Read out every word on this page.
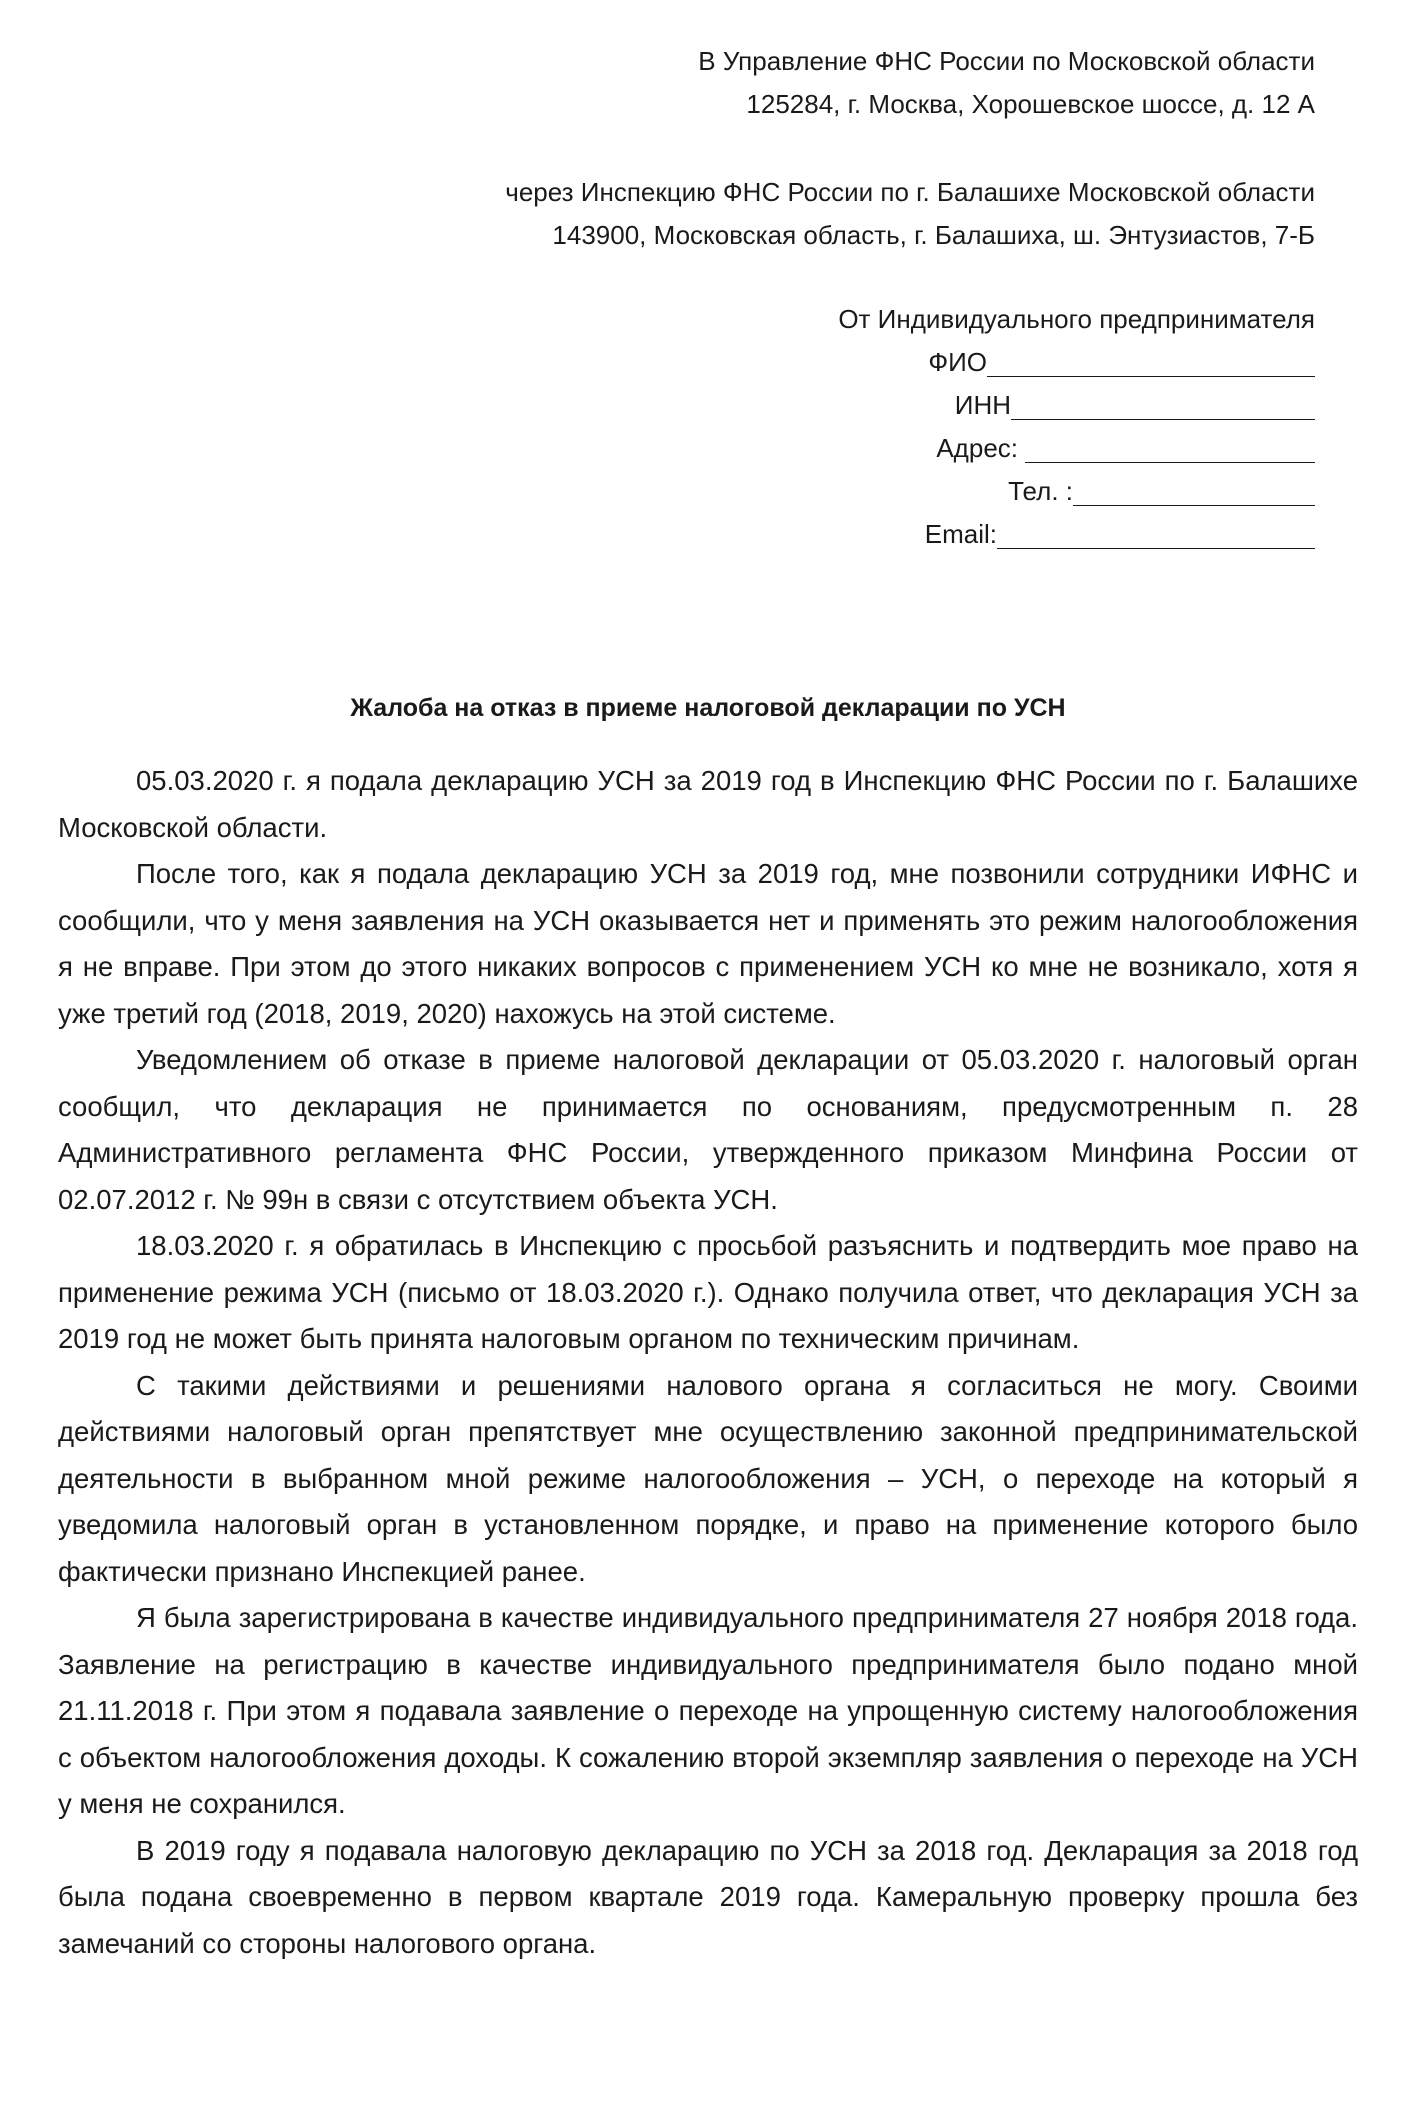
В Управление ФНС России по Московской области
125284, г. Москва, Хорошевское шоссе, д. 12 А
через Инспекцию ФНС России по г. Балашихе Московской области
143900, Московская область, г. Балашиха, ш. Энтузиастов, 7-Б
От Индивидуального предпринимателя
ФИО
ИНН
Адрес:
Тел. :
Email:
Жалоба на отказ в приеме налоговой декларации по УСН

05.03.2020 г. я подала декларацию УСН за 2019 год в Инспекцию ФНС России по г. Балашихе Московской области.

После того, как я подала декларацию УСН за 2019 год, мне позвонили сотрудники ИФНС и сообщили, что у меня заявления на УСН оказывается нет и применять это режим налогообложения я не вправе. При этом до этого никаких вопросов с применением УСН ко мне не возникало, хотя я уже третий год (2018, 2019, 2020) нахожусь на этой системе.

Уведомлением об отказе в приеме налоговой декларации от 05.03.2020 г. налоговый орган сообщил, что декларация не принимается по основаниям, предусмотренным п. 28 Административного регламента ФНС России, утвержденного приказом Минфина России от 02.07.2012 г. № 99н в связи с отсутствием объекта УСН.

18.03.2020 г. я обратилась в Инспекцию с просьбой разъяснить и подтвердить мое право на применение режима УСН (письмо от 18.03.2020 г.). Однако получила ответ, что декларация УСН за 2019 год не может быть принята налоговым органом по техническим причинам.

С такими действиями и решениями налового органа я согласиться не могу. Своими действиями налоговый орган препятствует мне осуществлению законной предпринимательской деятельности в выбранном мной режиме налогообложения – УСН, о переходе на который я уведомила налоговый орган в установленном порядке, и право на применение которого было фактически признано Инспекцией ранее.

Я была зарегистрирована в качестве индивидуального предпринимателя 27 ноября 2018 года. Заявление на регистрацию в качестве индивидуального предпринимателя было подано мной 21.11.2018 г. При этом я подавала заявление о переходе на упрощенную систему налогообложения с объектом налогообложения доходы. К сожалению второй экземпляр заявления о переходе на УСН у меня не сохранился.

В 2019 году я подавала налоговую декларацию по УСН за 2018 год. Декларация за 2018 год была подана своевременно в первом квартале 2019 года. Камеральную проверку прошла без замечаний со стороны налогового органа.
